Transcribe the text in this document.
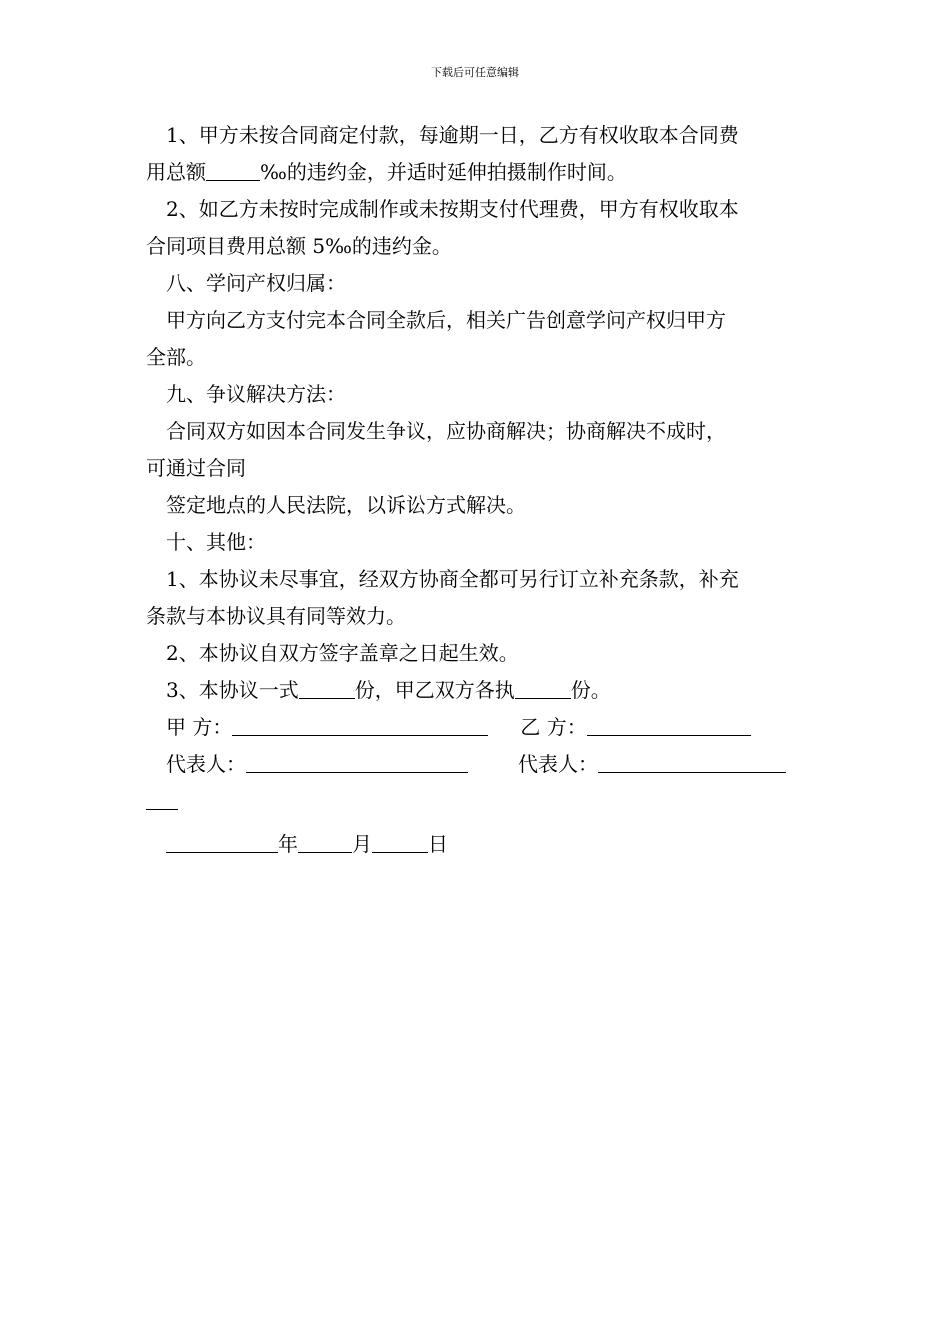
下载后可任意编辑

1、甲方未按合同商定付款，每逾期一日，乙方有权收取本合同费

用总额	‰的违约金，并适时延伸拍摄制作时间。

2、如乙方未按时完成制作或未按期支付代理费，甲方有权收取本

合同项目费用总额 5‰的违约金。

八、学问产权归属：

甲方向乙方支付完本合同全款后，相关广告创意学问产权归甲方

全部。

九、争议解决方法：

合同双方如因本合同发生争议，应协商解决；协商解决不成时，

可通过合同

签定地点的人民法院，以诉讼方式解决。

十、其他：

1、本协议未尽事宜，经双方协商全都可另行订立补充条款，补充

条款与本协议具有同等效力。

2、本协议自双方签字盖章之日起生效。

3、本协议一式	份，甲乙双方各执	份。

甲 方：	乙 方：

代表人：	代表人：

年	月	日
